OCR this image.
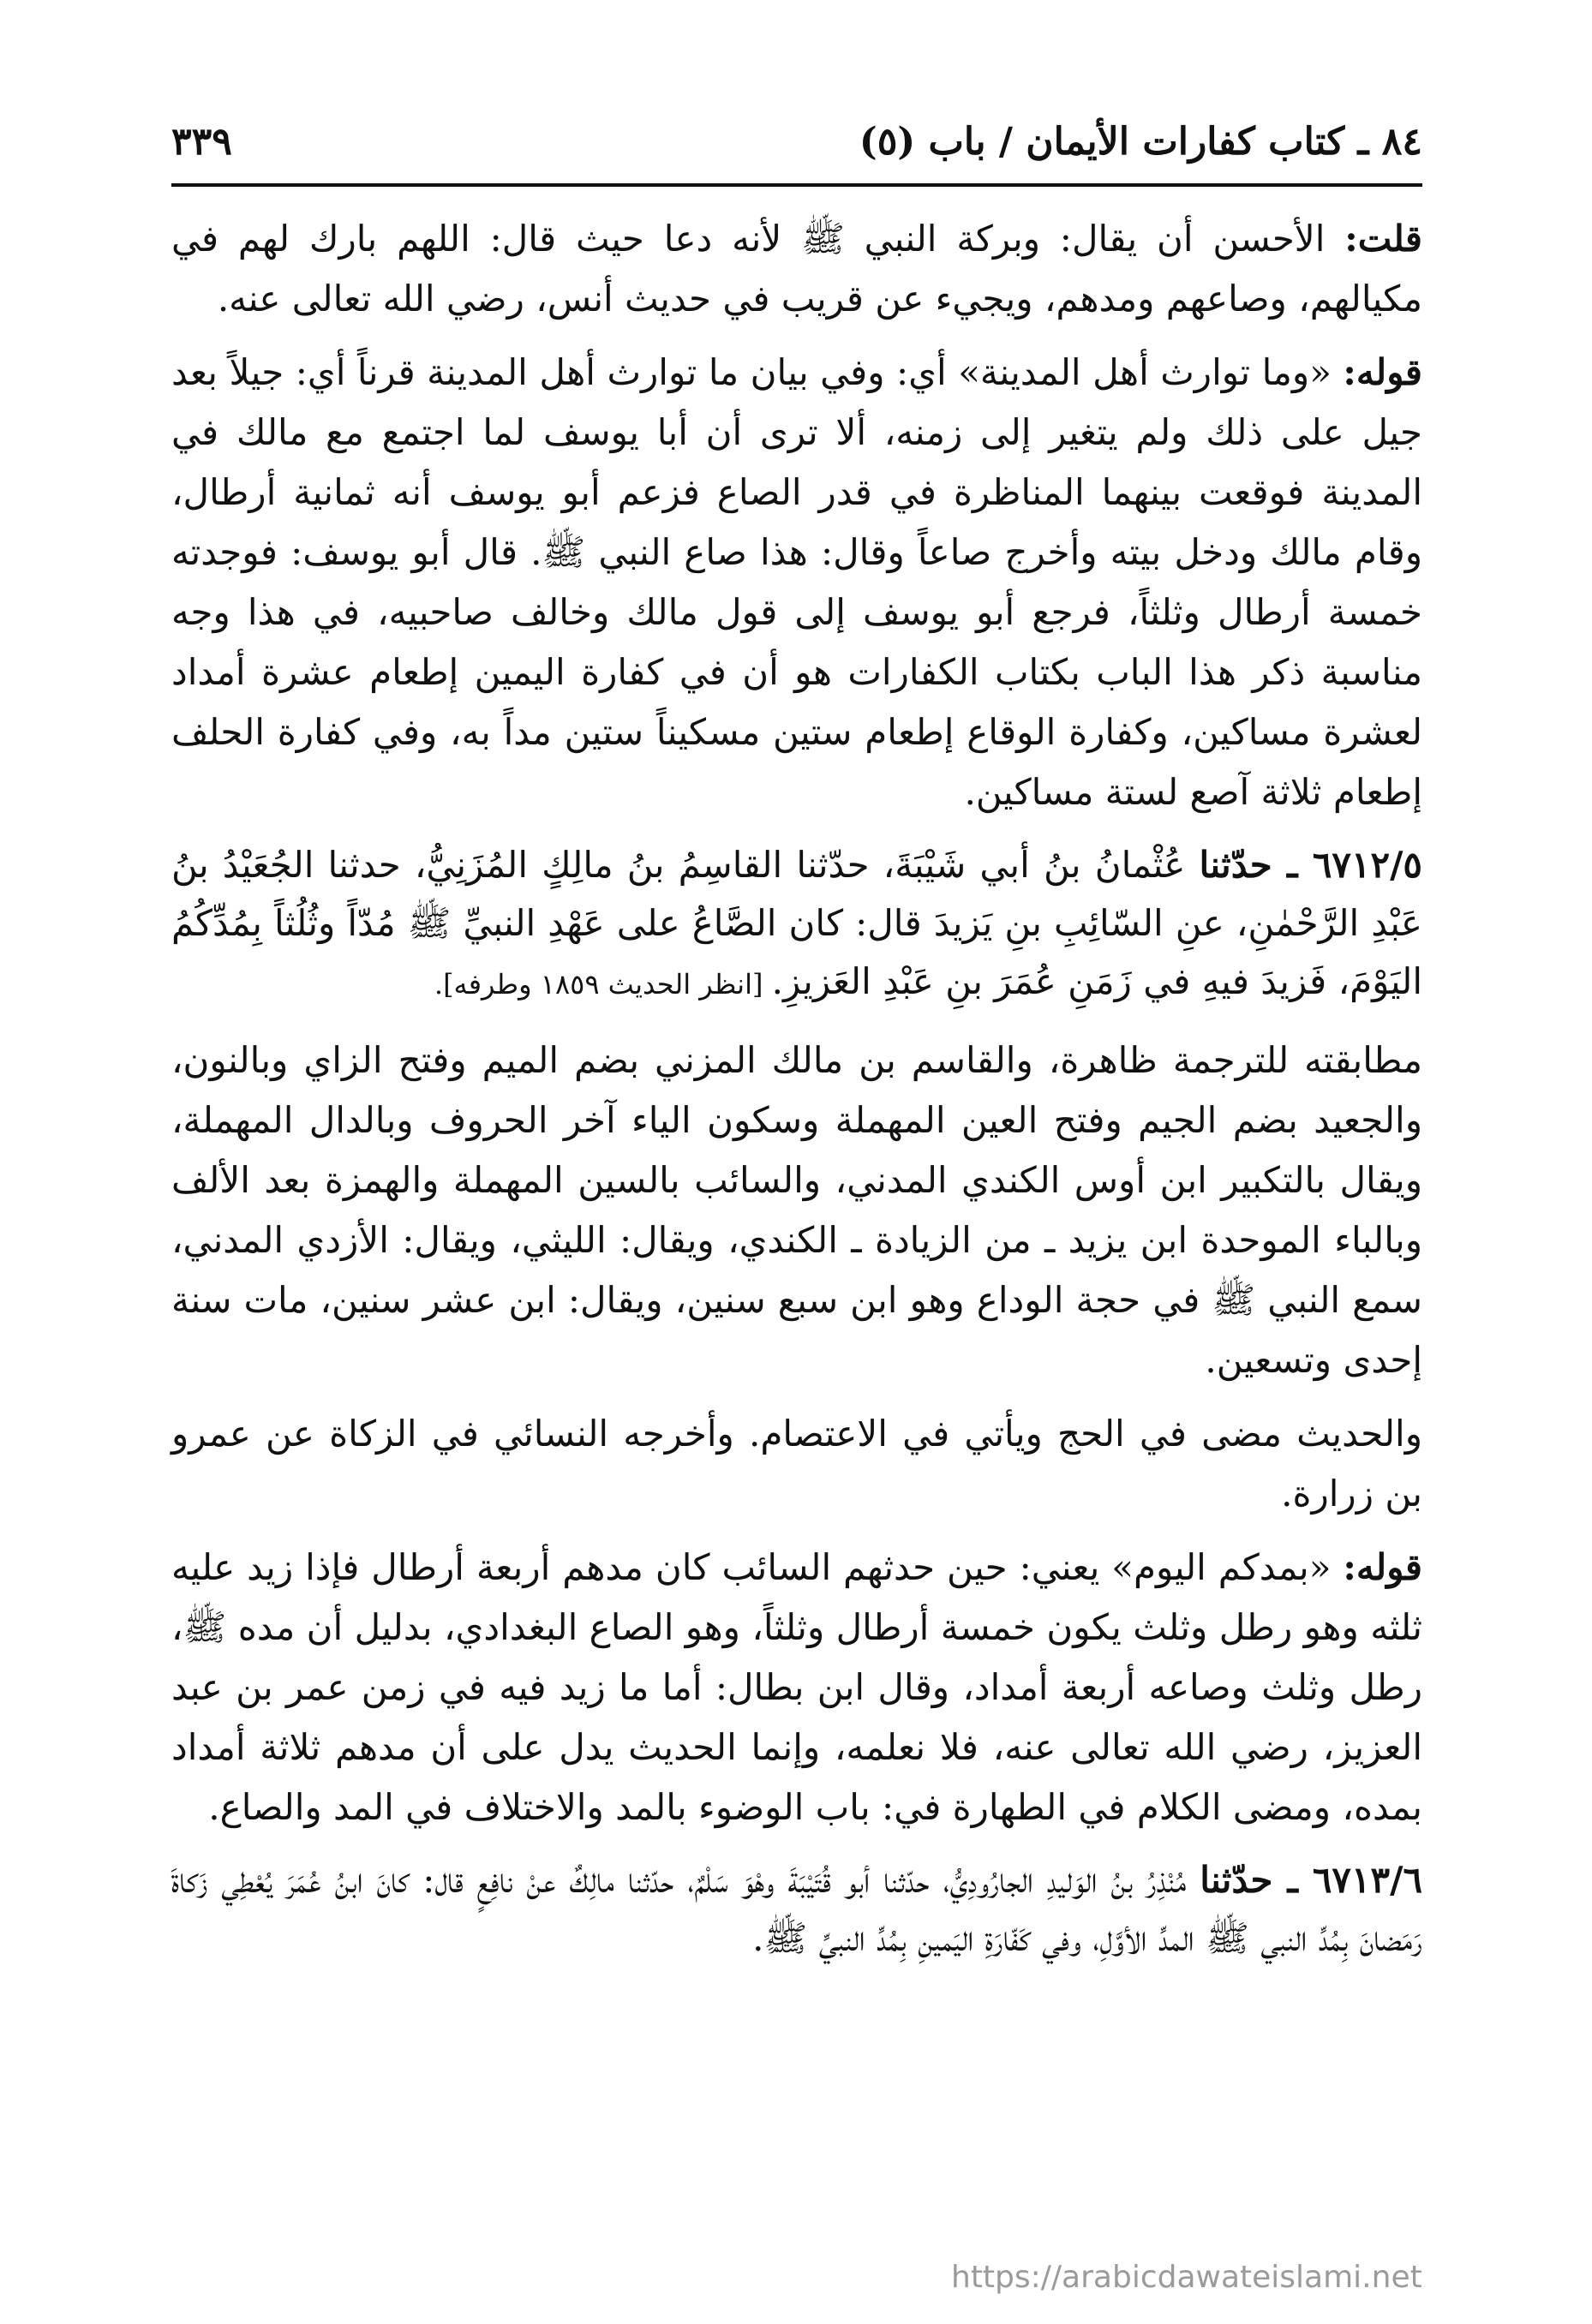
٨٤ ـ كتاب كفارات الأيمان / باب (٥)
٣٣٩

قلت: الأحسن أن يقال: وبركة النبي ﷺ لأنه دعا حيث قال: اللهم بارك لهم في مكيالهم، وصاعهم ومدهم، ويجيء عن قريب في حديث أنس، رضي الله تعالى عنه.

قوله: «وما توارث أهل المدينة» أي: وفي بيان ما توارث أهل المدينة قرناً أي: جيلاً بعد جيل على ذلك ولم يتغير إلى زمنه، ألا ترى أن أبا يوسف لما اجتمع مع مالك في المدينة فوقعت بينهما المناظرة في قدر الصاع فزعم أبو يوسف أنه ثمانية أرطال، وقام مالك ودخل بيته وأخرج صاعاً وقال: هذا صاع النبي ﷺ. قال أبو يوسف: فوجدته خمسة أرطال وثلثاً، فرجع أبو يوسف إلى قول مالك وخالف صاحبيه، في هذا وجه مناسبة ذكر هذا الباب بكتاب الكفارات هو أن في كفارة اليمين إطعام عشرة أمداد لعشرة مساكين، وكفارة الوقاع إطعام ستين مسكيناً ستين مداً به، وفي كفارة الحلف إطعام ثلاثة آصع لستة مساكين.

٦٧١٢/٥ ـ حدّثنا عُثْمانُ بنُ أبي شَيْبَةَ، حدّثنا القاسِمُ بنُ مالِكٍ المُزَنِيُّ، حدثنا الجُعَيْدُ بنُ عَبْدِ الرَّحْمٰنِ، عنِ السّائِبِ بنِ يَزيدَ قال: كان الصَّاعُ على عَهْدِ النبيِّ ﷺ مُدّاً وثُلُثاً بِمُدِّكُمُ اليَوْمَ، فَزيدَ فيهِ في زَمَنِ عُمَرَ بنِ عَبْدِ العَزيزِ. [انظر الحديث ١٨٥٩ وطرفه].

مطابقته للترجمة ظاهرة، والقاسم بن مالك المزني بضم الميم وفتح الزاي وبالنون، والجعيد بضم الجيم وفتح العين المهملة وسكون الياء آخر الحروف وبالدال المهملة، ويقال بالتكبير ابن أوس الكندي المدني، والسائب بالسين المهملة والهمزة بعد الألف وبالباء الموحدة ابن يزيد ـ من الزيادة ـ الكندي، ويقال: الليثي، ويقال: الأزدي المدني، سمع النبي ﷺ في حجة الوداع وهو ابن سبع سنين، ويقال: ابن عشر سنين، مات سنة إحدى وتسعين.

والحديث مضى في الحج ويأتي في الاعتصام. وأخرجه النسائي في الزكاة عن عمرو بن زرارة.

قوله: «بمدكم اليوم» يعني: حين حدثهم السائب كان مدهم أربعة أرطال فإذا زيد عليه ثلثه وهو رطل وثلث يكون خمسة أرطال وثلثاً، وهو الصاع البغدادي، بدليل أن مده ﷺ، رطل وثلث وصاعه أربعة أمداد، وقال ابن بطال: أما ما زيد فيه في زمن عمر بن عبد العزيز، رضي الله تعالى عنه، فلا نعلمه، وإنما الحديث يدل على أن مدهم ثلاثة أمداد بمده، ومضى الكلام في الطهارة في: باب الوضوء بالمد والاختلاف في المد والصاع.

٦٧١٣/٦ ـ حدّثنا مُنْذِرُ بنُ الوَليدِ الجارُودِيُّ، حدّثنا أبو قُتَيْبَةَ وهْوَ سَلْمٌ، حدّثنا مالِكٌ عنْ نافِعٍ قال: كانَ ابنُ عُمَرَ يُعْطِي زَكاةَ رَمَضانَ بِمُدِّ النبي ﷺ المدِّ الأوَّلِ، وفي كَفّارَةِ اليَمينِ بِمُدِّ النبيِّ ﷺ.

https://arabicdawateislami.net
